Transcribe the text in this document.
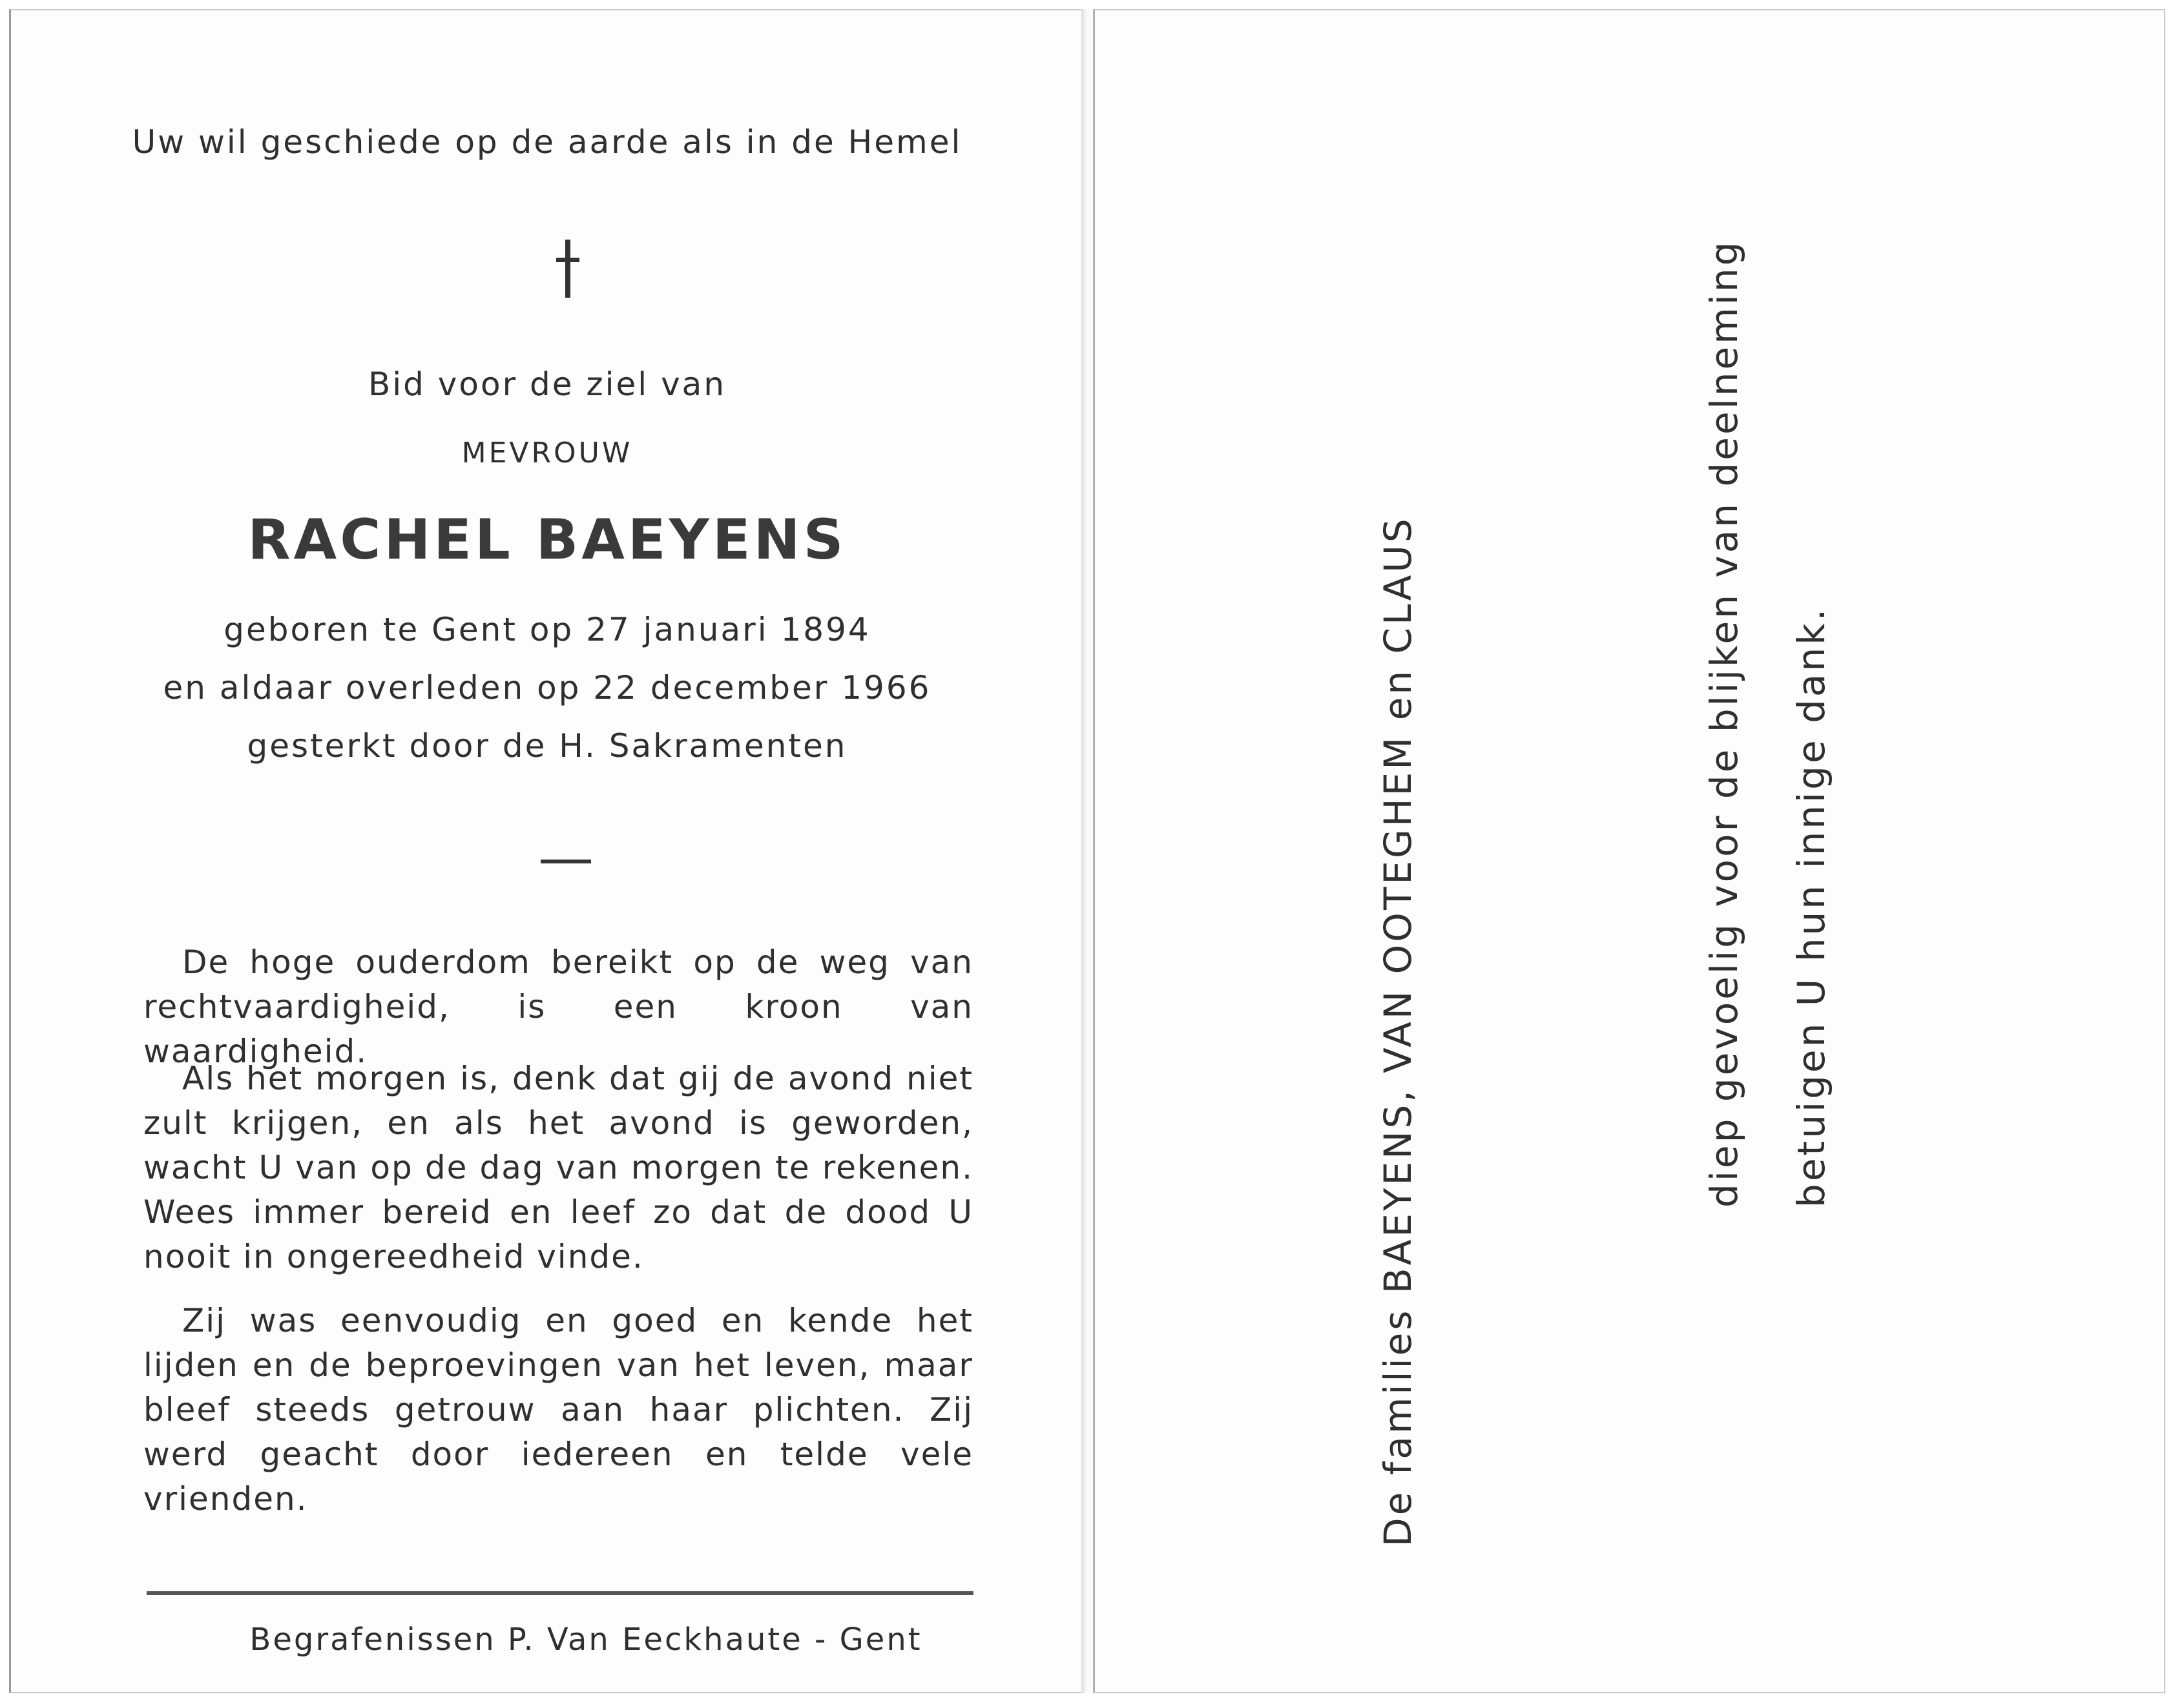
Uw wil geschiede op de aarde als in de Hemel
Bid voor de ziel van
MEVROUW
RACHEL BAEYENS
geboren te Gent op 27 januari 1894
en aldaar overleden op 22 december 1966
gesterkt door de H. Sakramenten
De hoge ouderdom bereikt op de weg van rechtvaardigheid, is een kroon van waardigheid.
Als het morgen is, denk dat gij de avond niet zult krijgen, en als het avond is geworden, wacht U van op de dag van morgen te rekenen. Wees immer bereid en leef zo dat de dood U nooit in ongereedheid vinde.
Zij was eenvoudig en goed en kende het lijden en de beproevingen van het leven, maar bleef steeds getrouw aan haar plichten. Zij werd geacht door iedereen en telde vele vrienden.
Begrafenissen P. Van Eeckhaute - Gent
De families BAEYENS, VAN OOTEGHEM en CLAUS	diep gevoelig voor de blijken van deelneming betuigen U hun innige dank.
